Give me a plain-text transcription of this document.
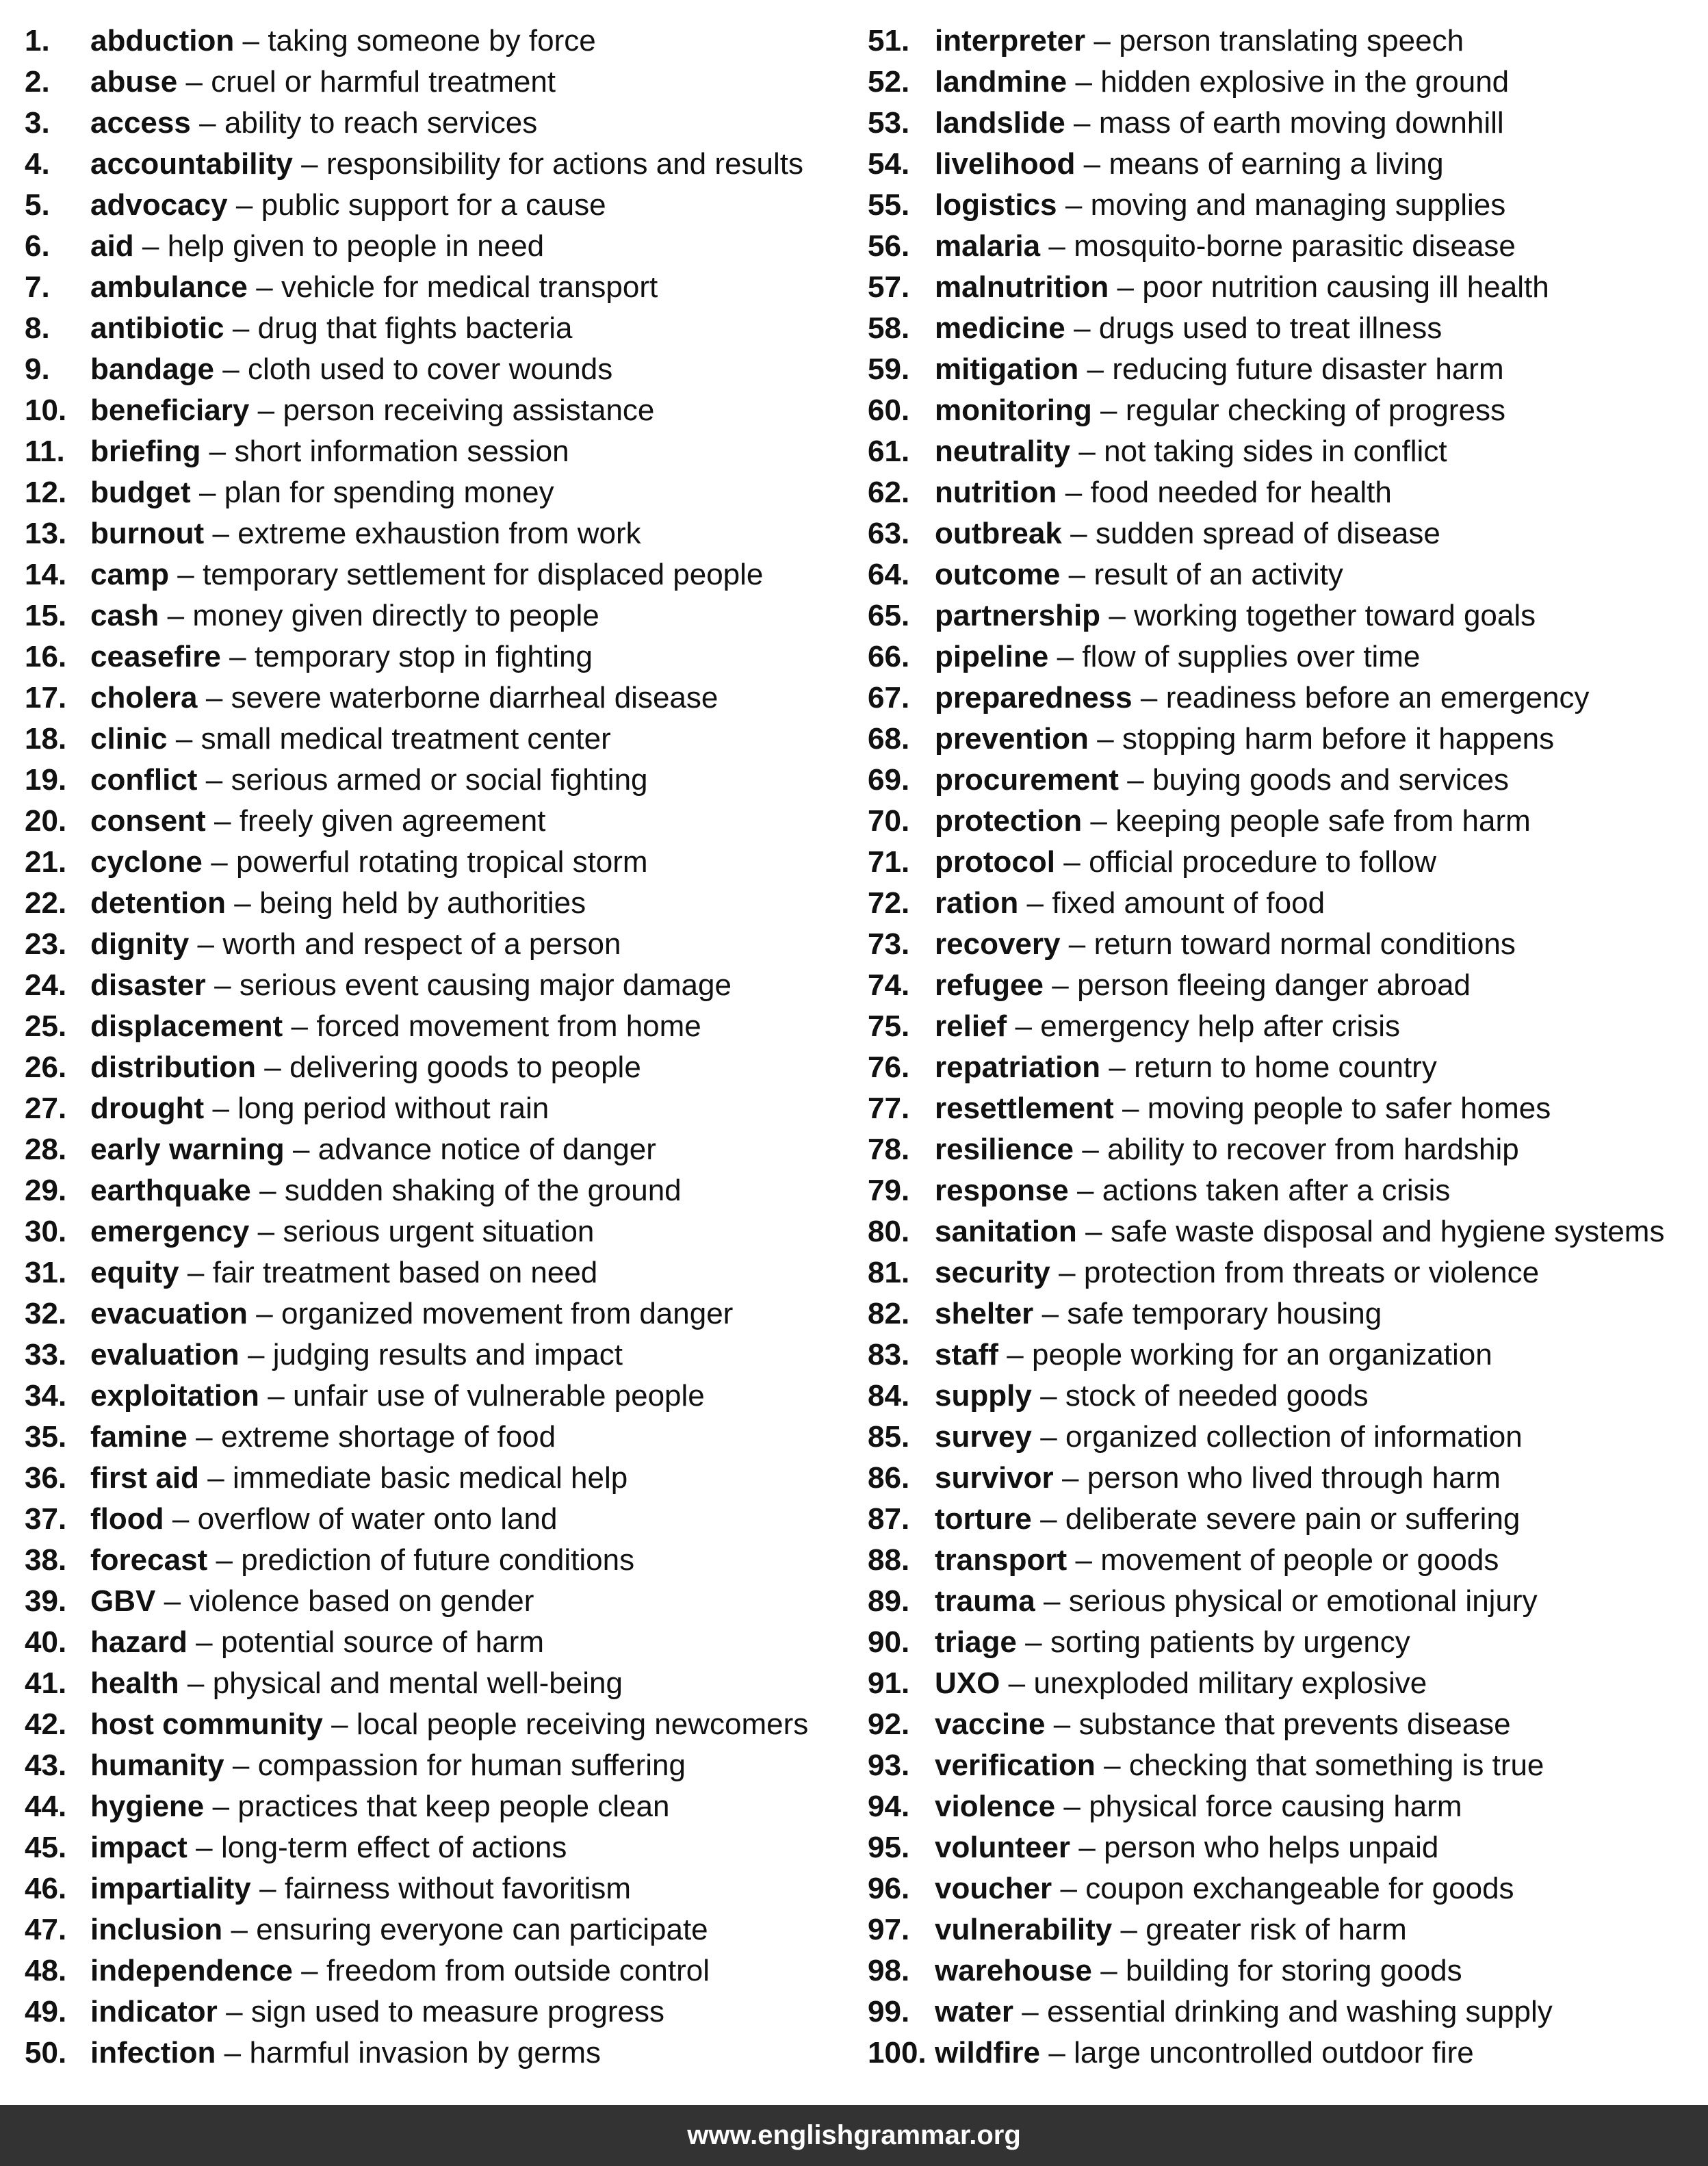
1.	abduction – taking someone by force
2.	abuse – cruel or harmful treatment
3.	access – ability to reach services
4.	accountability – responsibility for actions and results
5.	advocacy – public support for a cause
6.	aid – help given to people in need
7.	ambulance – vehicle for medical transport
8.	antibiotic – drug that fights bacteria
9.	bandage – cloth used to cover wounds
10. beneficiary – person receiving assistance
11. briefing – short information session
12. budget – plan for spending money
13. burnout – extreme exhaustion from work
14. camp – temporary settlement for displaced people
15. cash – money given directly to people
16. ceasefire – temporary stop in fighting
17. cholera – severe waterborne diarrheal disease
18. clinic – small medical treatment center
19. conflict – serious armed or social fighting
20. consent – freely given agreement
21. cyclone – powerful rotating tropical storm
22. detention – being held by authorities
23. dignity – worth and respect of a person
24. disaster – serious event causing major damage
25. displacement – forced movement from home
26. distribution – delivering goods to people
27. drought – long period without rain
28. early warning – advance notice of danger
29. earthquake – sudden shaking of the ground
30. emergency – serious urgent situation
31. equity – fair treatment based on need
32. evacuation – organized movement from danger
33. evaluation – judging results and impact
34. exploitation – unfair use of vulnerable people
35. famine – extreme shortage of food
36. first aid – immediate basic medical help
37. flood – overflow of water onto land
38. forecast – prediction of future conditions
39. GBV – violence based on gender
40. hazard – potential source of harm
41. health – physical and mental well-being
42. host community – local people receiving newcomers
43. humanity – compassion for human suffering
44. hygiene – practices that keep people clean
45. impact – long-term effect of actions
46. impartiality – fairness without favoritism
47. inclusion – ensuring everyone can participate
48. independence – freedom from outside control
49. indicator – sign used to measure progress
50. infection – harmful invasion by germs
51. interpreter – person translating speech
52. landmine – hidden explosive in the ground
53. landslide – mass of earth moving downhill
54. livelihood – means of earning a living
55. logistics – moving and managing supplies
56. malaria – mosquito-borne parasitic disease
57. malnutrition – poor nutrition causing ill health
58. medicine – drugs used to treat illness
59. mitigation – reducing future disaster harm
60. monitoring – regular checking of progress
61. neutrality – not taking sides in conflict
62. nutrition – food needed for health
63. outbreak – sudden spread of disease
64. outcome – result of an activity
65. partnership – working together toward goals
66. pipeline – flow of supplies over time
67. preparedness – readiness before an emergency
68. prevention – stopping harm before it happens
69. procurement – buying goods and services
70. protection – keeping people safe from harm
71. protocol – official procedure to follow
72. ration – fixed amount of food
73. recovery – return toward normal conditions
74. refugee – person fleeing danger abroad
75. relief – emergency help after crisis
76. repatriation – return to home country
77. resettlement – moving people to safer homes
78. resilience – ability to recover from hardship
79. response – actions taken after a crisis
80. sanitation – safe waste disposal and hygiene systems
81. security – protection from threats or violence
82. shelter – safe temporary housing
83. staff – people working for an organization
84. supply – stock of needed goods
85. survey – organized collection of information
86. survivor – person who lived through harm
87. torture – deliberate severe pain or suffering
88. transport – movement of people or goods
89. trauma – serious physical or emotional injury
90. triage – sorting patients by urgency
91. UXO – unexploded military explosive
92. vaccine – substance that prevents disease
93. verification – checking that something is true
94. violence – physical force causing harm
95. volunteer – person who helps unpaid
96. voucher – coupon exchangeable for goods
97. vulnerability – greater risk of harm
98. warehouse – building for storing goods
99. water – essential drinking and washing supply
100. wildfire – large uncontrolled outdoor fire
www.englishgrammar.org
